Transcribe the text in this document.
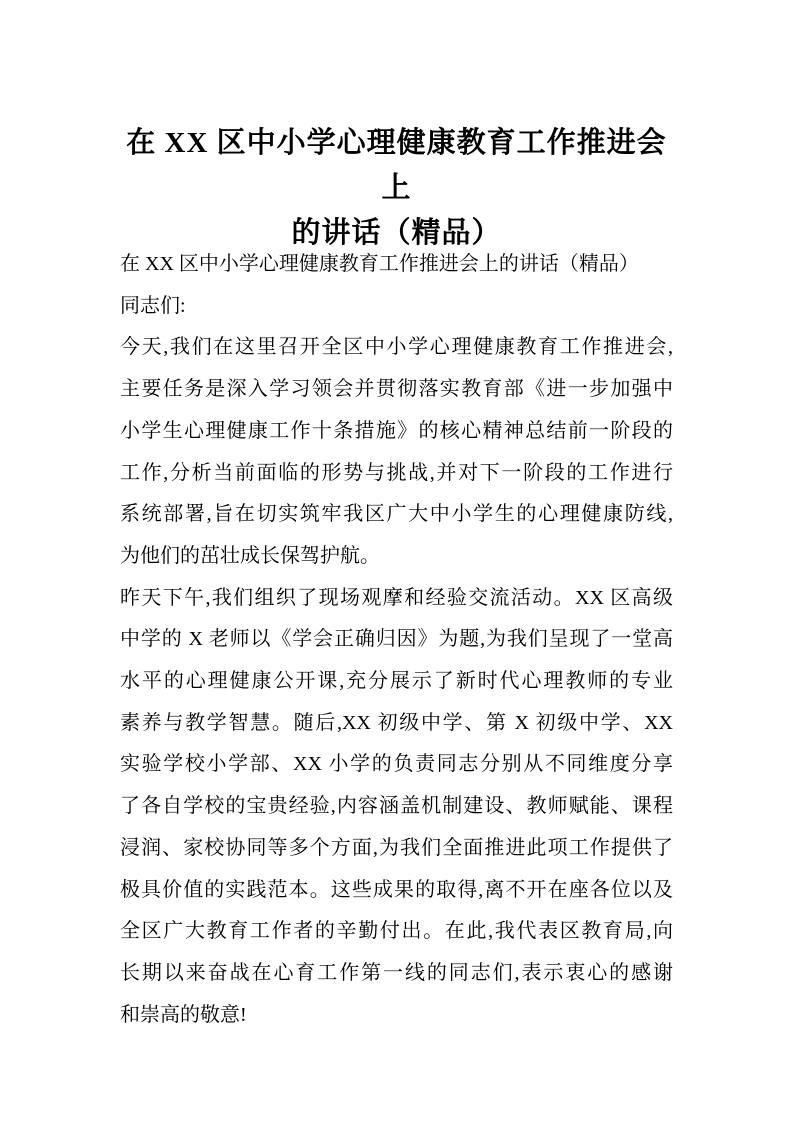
在 XX 区中小学心理健康教育工作推进会上
的讲话（精品）
在 XX 区中小学心理健康教育工作推进会上的讲话（精品）
同志们:
今天,我们在这里召开全区中小学心理健康教育工作推进会,
主要任务是深入学习领会并贯彻落实教育部《进一步加强中
小学生心理健康工作十条措施》的核心精神总结前一阶段的
工作,分析当前面临的形势与挑战,并对下一阶段的工作进行
系统部署,旨在切实筑牢我区广大中小学生的心理健康防线,
为他们的茁壮成长保驾护航。
昨天下午,我们组织了现场观摩和经验交流活动。XX 区高级
中学的 X 老师以《学会正确归因》为题,为我们呈现了一堂高
水平的心理健康公开课,充分展示了新时代心理教师的专业
素养与教学智慧。随后,XX 初级中学、第 X 初级中学、XX
实验学校小学部、XX 小学的负责同志分别从不同维度分享
了各自学校的宝贵经验,内容涵盖机制建设、教师赋能、课程
浸润、家校协同等多个方面,为我们全面推进此项工作提供了
极具价值的实践范本。这些成果的取得,离不开在座各位以及
全区广大教育工作者的辛勤付出。在此,我代表区教育局,向
长期以来奋战在心育工作第一线的同志们,表示衷心的感谢
和崇高的敬意!
